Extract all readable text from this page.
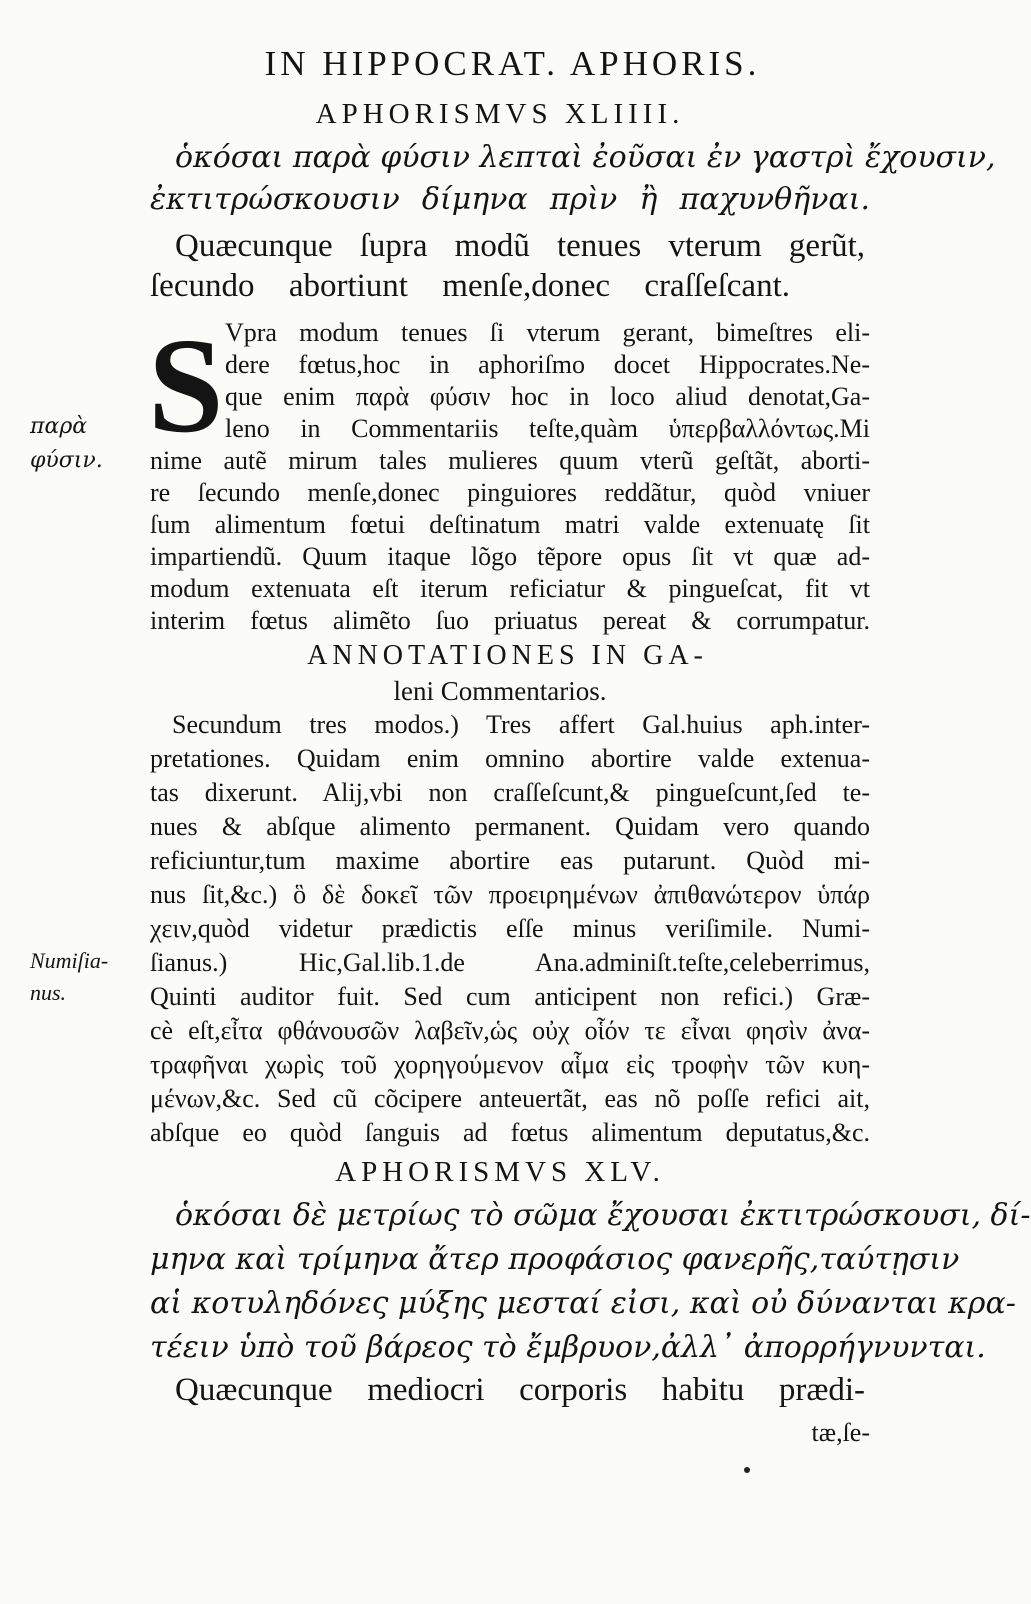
IN HIPPOCRAT. APHORIS.
APHORISMVS XLIIII.
ὁκόσαι παρὰ φύσιν λεπταὶ ἐοῦσαι ἐν γαστρὶ ἔχουσιν,
ἐκτιτρώσκουσιν δίμηνα πρὶν ἢ παχυνθῆναι.
Quæcunque ſupra modũ tenues vterum gerũt,
ſecundo abortiunt menſe,donec craſſeſcant.
S Vpra modum tenues ſi vterum gerant, bimeſtres eli-
dere fœtus,hoc in aphoriſmo docet Hippocrates.Ne-
que enim παρὰ φύσιν hoc in loco aliud denotat,Ga-
leno in Commentariis teſte,quàm ὑπερβαλλόντως.Mi
nime autẽ mirum tales mulieres quum vterũ geſtãt, aborti-
re ſecundo menſe,donec pinguiores reddãtur, quòd vniuer
ſum alimentum fœtui deſtinatum matri valde extenuatę ſit
impartiendũ. Quum itaque lõgo tẽpore opus ſit vt quæ ad-
modum extenuata eſt iterum reficiatur & pingueſcat, fit vt
interim fœtus alimẽto ſuo priuatus pereat & corrumpatur.
παρὰ
φύσιν.
ANNOTATIONES IN GA-
leni Commentarios.
Secundum tres modos.) Tres affert Gal.huius aph.inter-
pretationes. Quidam enim omnino abortire valde extenua-
tas dixerunt. Alij,vbi non craſſeſcunt,& pingueſcunt,ſed te-
nues & abſque alimento permanent. Quidam vero quando
reficiuntur,tum maxime abortire eas putarunt. Quòd mi-
nus ſit,&c.) ὃ δὲ δοκεῖ τῶν προειρημένων ἀπιθανώτερον ὑπάρ
χειν,quòd videtur prædictis eſſe minus veriſimile. Numi-
ſianus.) Hic,Gal.lib.1.de Ana.adminiſt.teſte,celeberrimus,
Quinti auditor fuit. Sed cum anticipent non refici.) Græ-
cè eſt,εἶτα φθάνουσῶν λαβεῖν,ὡς οὐχ οἷόν τε εἶναι φησὶν ἀνα-
τραφῆναι χωρὶς τοῦ χορηγούμενον αἷμα εἰς τροφὴν τῶν κυη-
μένων,&c. Sed cũ cõcipere anteuertãt, eas nõ poſſe refici ait,
abſque eo quòd ſanguis ad fœtus alimentum deputatus,&c.
Numiſia-
nus.
APHORISMVS XLV.
ὁκόσαι δὲ μετρίως τὸ σῶμα ἔχουσαι ἐκτιτρώσκουσι, δί-
μηνα καὶ τρίμηνα ἄτερ προφάσιος φανερῆς,ταύτῃσιν
αἱ κοτυληδόνες μύξης μεσταί εἰσι, καὶ οὐ δύνανται κρα-
τέειν ὑπὸ τοῦ βάρεος τὸ ἔμβρυον,ἀλλ᾽ ἀπορρήγνυνται.
Quæcunque mediocri corporis habitu prædi-
tæ,ſe-
